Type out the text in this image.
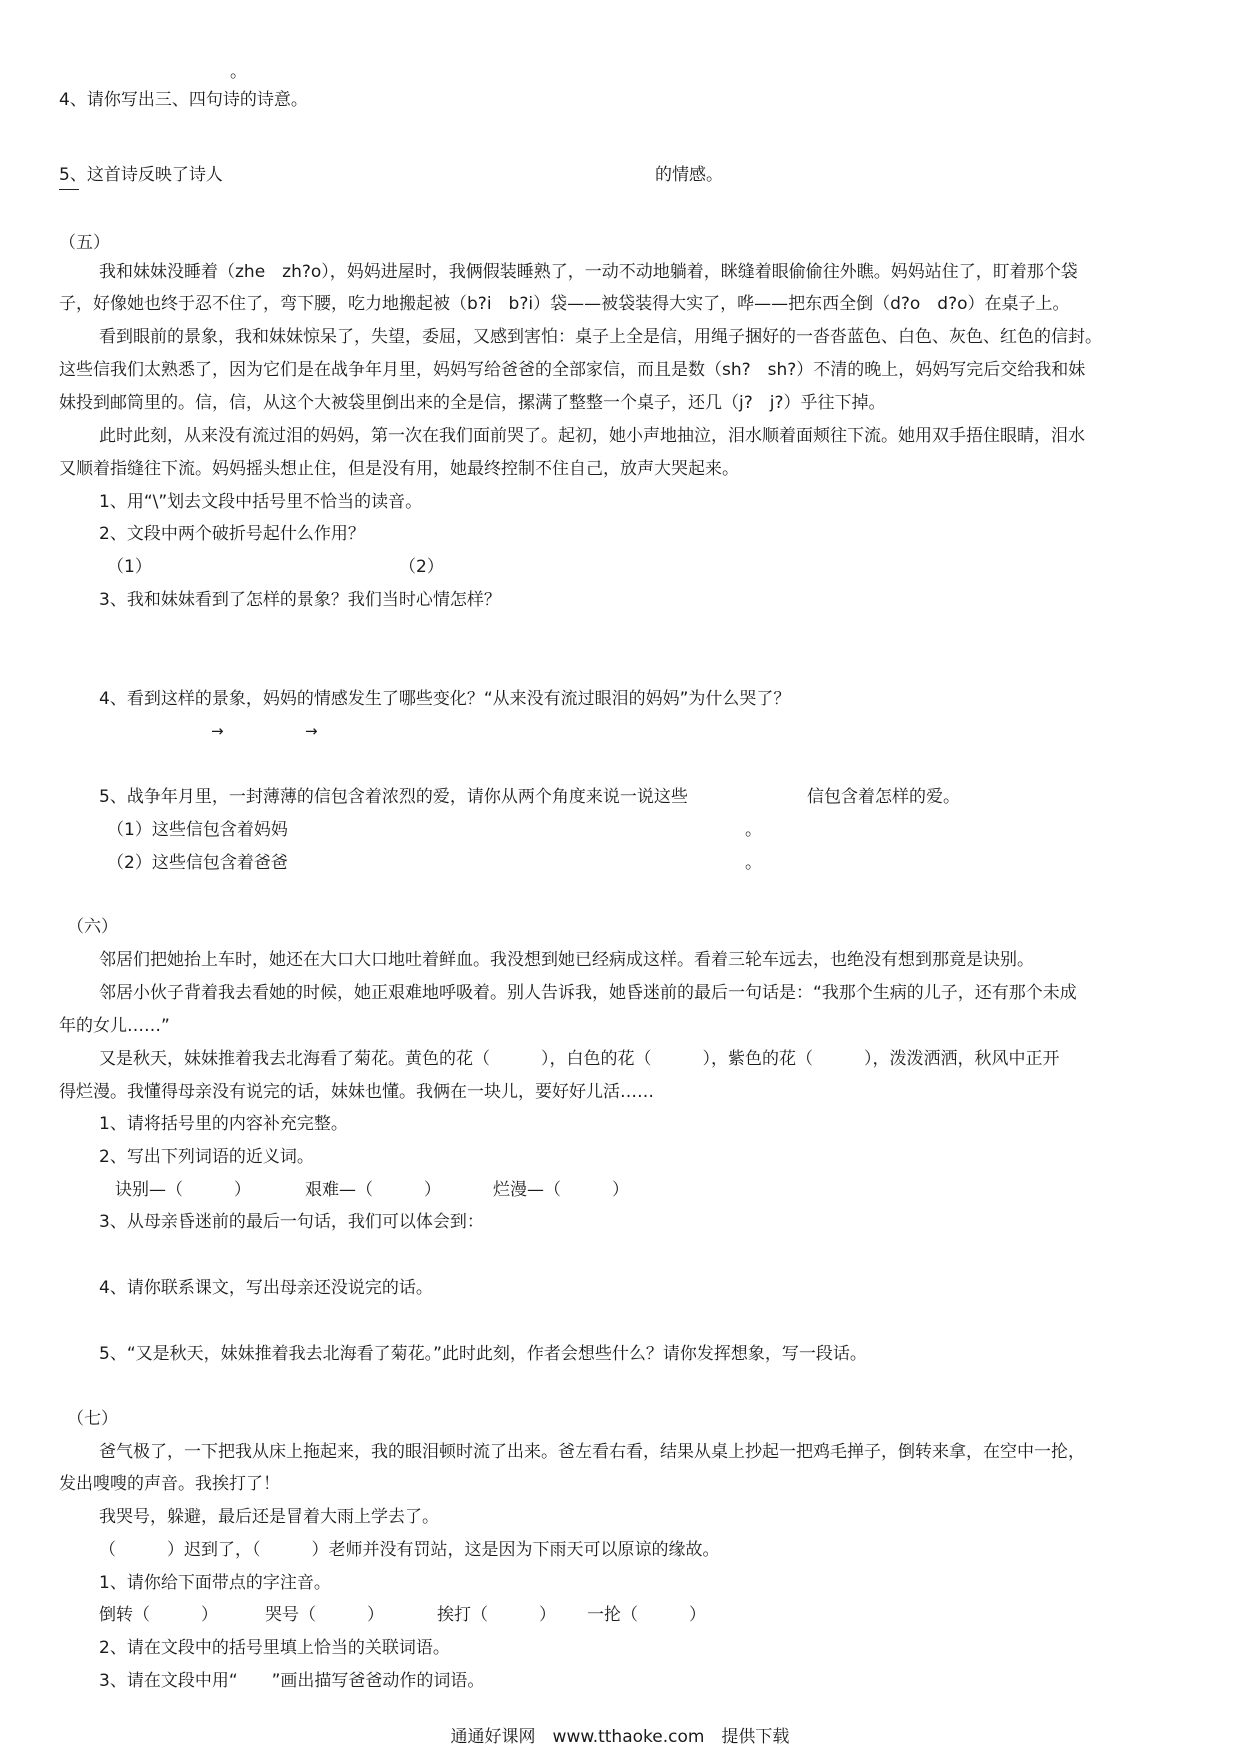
。
4、请你写出三、四句诗的诗意。
5、这首诗反映了诗人	的情感。
（五）
我和妹妹没睡着（zhe　zh?o），妈妈进屋时，我俩假装睡熟了，一动不动地躺着，眯缝着眼偷偷往外瞧。妈妈站住了，盯着那个袋
子，好像她也终于忍不住了，弯下腰，吃力地搬起被（b?i　b?i）袋——被袋装得大实了，哗——把东西全倒（d?o　d?o）在桌子上。
看到眼前的景象，我和妹妹惊呆了，失望，委屈，又感到害怕：桌子上全是信，用绳子捆好的一沓沓蓝色、白色、灰色、红色的信封。
这些信我们太熟悉了，因为它们是在战争年月里，妈妈写给爸爸的全部家信，而且是数（sh?　sh?）不清的晚上，妈妈写完后交给我和妹
妹投到邮筒里的。信，信，从这个大被袋里倒出来的全是信，摞满了整整一个桌子，还几（j?　j?）乎往下掉。
此时此刻，从来没有流过泪的妈妈，第一次在我们面前哭了。起初，她小声地抽泣，泪水顺着面颊往下流。她用双手捂住眼睛，泪水
又顺着指缝往下流。妈妈摇头想止住，但是没有用，她最终控制不住自己，放声大哭起来。
1、用“\”划去文段中括号里不恰当的读音。
2、文段中两个破折号起什么作用？
（1）	（2）
3、我和妹妹看到了怎样的景象？我们当时心情怎样？
4、看到这样的景象，妈妈的情感发生了哪些变化？“从来没有流过眼泪的妈妈”为什么哭了？
→	→
5、战争年月里，一封薄薄的信包含着浓烈的爱，请你从两个角度来说一说这些	信包含着怎样的爱。
（1）这些信包含着妈妈	。
（2）这些信包含着爸爸	。
（六）
邻居们把她抬上车时，她还在大口大口地吐着鲜血。我没想到她已经病成这样。看着三轮车远去，也绝没有想到那竟是诀别。
邻居小伙子背着我去看她的时候，她正艰难地呼吸着。别人告诉我，她昏迷前的最后一句话是：“我那个生病的儿子，还有那个未成
年的女儿……”
又是秋天，妹妹推着我去北海看了菊花。黄色的花（　　　），白色的花（　　　），紫色的花（　　　），泼泼洒洒，秋风中正开
得烂漫。我懂得母亲没有说完的话，妹妹也懂。我俩在一块儿，要好好儿活……
1、请将括号里的内容补充完整。
2、写出下列词语的近义词。
诀别—（　　　）	艰难—（　　　）	烂漫—（　　　）
3、从母亲昏迷前的最后一句话，我们可以体会到：
4、请你联系课文，写出母亲还没说完的话。
5、“又是秋天，妹妹推着我去北海看了菊花。”此时此刻，作者会想些什么？请你发挥想象，写一段话。
（七）
爸气极了，一下把我从床上拖起来，我的眼泪顿时流了出来。爸左看右看，结果从桌上抄起一把鸡毛掸子，倒转来拿，在空中一抡，
发出嗖嗖的声音。我挨打了！
我哭号，躲避，最后还是冒着大雨上学去了。
（　　　）迟到了，（　　　）老师并没有罚站，这是因为下雨天可以原谅的缘故。
1、请你给下面带点的字注音。
倒转（　　　）	哭号（　　　）	挨打（　　　） 一抡（　　　）
2、请在文段中的括号里填上恰当的关联词语。
3、请在文段中用“　　”画出描写爸爸动作的词语。
通通好课网　www.tthaoke.com　提供下载
